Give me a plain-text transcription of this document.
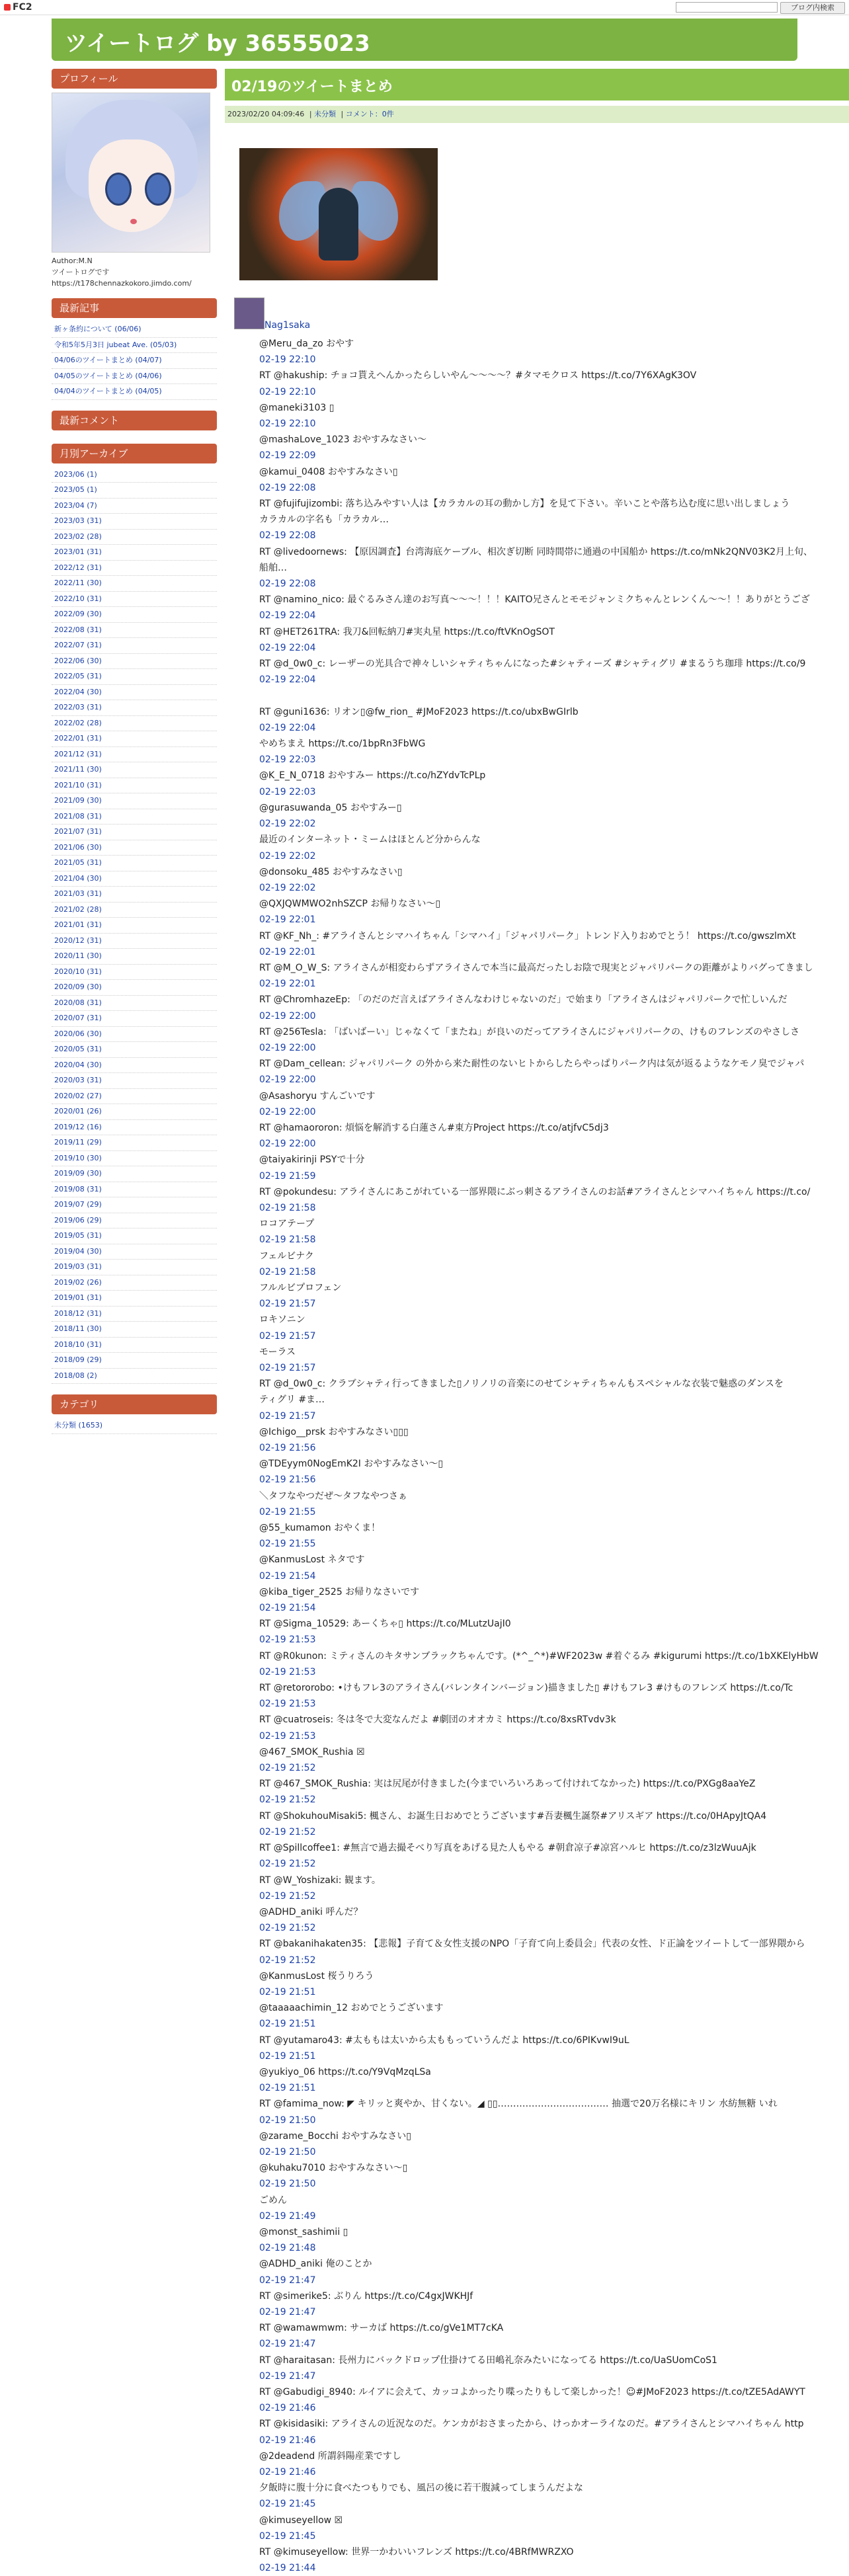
FC2	ブログ内検索
ツイートログ by 36555023
プロフィール
Author:M.N
ツイートログです
https://t178chennazkokoro.jimdo.com/
最新記事
新ヶ条約について (06/06)
令和5年5月3日 jubeat Ave. (05/03)
04/06のツイートまとめ (04/07)
04/05のツイートまとめ (04/06)
04/04のツイートまとめ (04/05)
最新コメント
月別アーカイブ
2023/06 (1)
2023/05 (1)
2023/04 (7)
2023/03 (31)
2023/02 (28)
2023/01 (31)
2022/12 (31)
2022/11 (30)
2022/10 (31)
2022/09 (30)
2022/08 (31)
2022/07 (31)
2022/06 (30)
2022/05 (31)
2022/04 (30)
2022/03 (31)
2022/02 (28)
2022/01 (31)
2021/12 (31)
2021/11 (30)
2021/10 (31)
2021/09 (30)
2021/08 (31)
2021/07 (31)
2021/06 (30)
2021/05 (31)
2021/04 (30)
2021/03 (31)
2021/02 (28)
2021/01 (31)
2020/12 (31)
2020/11 (30)
2020/10 (31)
2020/09 (30)
2020/08 (31)
2020/07 (31)
2020/06 (30)
2020/05 (31)
2020/04 (30)
2020/03 (31)
2020/02 (27)
2020/01 (26)
2019/12 (16)
2019/11 (29)
2019/10 (30)
2019/09 (30)
2019/08 (31)
2019/07 (29)
2019/06 (29)
2019/05 (31)
2019/04 (30)
2019/03 (31)
2019/02 (26)
2019/01 (31)
2018/12 (31)
2018/11 (30)
2018/10 (31)
2018/09 (29)
2018/08 (2)
カテゴリ
未分類 (1653)
02/19のツイートまとめ
2023/02/20 04:09:46 | 未分類 | コメント：0件
Nag1saka
@Meru_da_zo おやす
02-19 22:10
RT @hakuship: チョコ貰えへんかったらしいやん〜〜〜〜？#タマモクロス https://t.co/7Y6XAgK3OV
02-19 22:10
@maneki3103 ▯
02-19 22:10
@mashaLove_1023 おやすみなさい～
02-19 22:09
@kamui_0408 おやすみなさい▯
02-19 22:08
RT @fujifujizombi: 落ち込みやすい人は【カラカルの耳の動かし方】を見て下さい。辛いことや落ち込む度に思い出しましょう
カラカルの字名も「カラカル…
02-19 22:08
RT @livedoornews: 【原因調査】台湾海底ケーブル、相次ぎ切断 同時間帯に通過の中国船か https://t.co/mNk2QNV03K2月上旬、
船舶…
02-19 22:08
RT @namino_nico: 最ぐるみさん達のお写真〜〜〜！！！KAITO兄さんとモモジャンミクちゃんとレンくん〜〜！！ありがとうござ
02-19 22:04
RT @HET261TRA: 我刀&回転納刀#実丸星 https://t.co/ftVKnOgSOT
02-19 22:04
RT @d_0w0_c: レーザーの光具合で神々しいシャティちゃんになった#シャティーズ #シャティグリ #まるうち珈琲 https://t.co/9
02-19 22:04

RT @guni1636: リオン▯@fw_rion_ #JMoF2023 https://t.co/ubxBwGIrlb
02-19 22:04
やめちまえ https://t.co/1bpRn3FbWG
02-19 22:03
@K_E_N_0718 おやすみー https://t.co/hZYdvTcPLp
02-19 22:03
@gurasuwanda_05 おやすみー▯
02-19 22:02
最近のインターネット・ミームはほとんど分からんな
02-19 22:02
@donsoku_485 おやすみなさい▯
02-19 22:02
@QXJQWMWO2nhSZCP お帰りなさい～▯
02-19 22:01
RT @KF_Nh_: #アライさんとシマハイちゃん「シマハイ」「ジャパリパーク」トレンド入りおめでとう！ https://t.co/gwszlmXt
02-19 22:01
RT @M_O_W_S: アライさんが相変わらずアライさんで本当に最高だったしお陰で現実とジャパリパークの距離がよりバグってきまし
02-19 22:01
RT @ChromhazeEp: 「のだのだ言えばアライさんなわけじゃないのだ」で始まり「アライさんはジャパリパークで忙しいんだ
02-19 22:00
RT @256Tesla: 「ばいばーい」じゃなくて「またね」が良いのだってアライさんにジャパリパークの、けものフレンズのやさしさ
02-19 22:00
RT @Dam_cellean: ジャパリパーク の外から来た耐性のないヒトからしたらやっぱりパーク内は気が返るようなケモノ臭でジャパ
02-19 22:00
@Asashoryu すんごいです
02-19 22:00
RT @hamaororon: 煩悩を解消する白蓮さん#東方Project https://t.co/atjfvC5dj3
02-19 22:00
@taiyakirinji PSYで十分
02-19 21:59
RT @pokundesu: アライさんにあこがれている一部界隈にぶっ刺さるアライさんのお話#アライさんとシマハイちゃん https://t.co/
02-19 21:58
ロコアテープ
02-19 21:58
フェルビナク
02-19 21:58
フルルビプロフェン
02-19 21:57
ロキソニン
02-19 21:57
モーラス
02-19 21:57
RT @d_0w0_c: クラブシャティ行ってきました▯ノリノリの音楽にのせてシャティちゃんもスペシャルな衣装で魅惑のダンスを
ティグリ #ま…
02-19 21:57
@Ichigo__prsk おやすみなさい▯▯▯
02-19 21:56
@TDEyym0NogEmK2I おやすみなさい～▯
02-19 21:56
＼タフなやつだぜ〜タフなやつさぁ
02-19 21:55
@55_kumamon おやくま！
02-19 21:55
@KanmusLost ネタです
02-19 21:54
@kiba_tiger_2525 お帰りなさいです
02-19 21:54
RT @Sigma_10529: あーくちゃ▯ https://t.co/MLutzUajI0
02-19 21:53
RT @R0kunon: ミティさんのキタサンブラックちゃんです。(*^_^*)#WF2023w #着ぐるみ #kigurumi https://t.co/1bXKElyHbW
02-19 21:53
RT @retororobo: •けもフレ3のアライさん(バレンタインバージョン)描きました▯ #けもフレ3 #けものフレンズ https://t.co/Tc
02-19 21:53
RT @cuatroseis: 冬は冬で大変なんだよ #劇団のオオカミ https://t.co/8xsRTvdv3k
02-19 21:53
@467_SMOK_Rushia ☒
02-19 21:52
RT @467_SMOK_Rushia: 実は尻尾が付きました(今までいろいろあって付けれてなかった) https://t.co/PXGg8aaYeZ
02-19 21:52
RT @ShokuhouMisaki5: 楓さん、お誕生日おめでとうございます#吾妻楓生誕祭#アリスギア https://t.co/0HApyJtQA4
02-19 21:52
RT @Spillcoffee1: #無言で過去撮そべり写真をあげる見た人もやる #朝倉凉子#凉宮ハルヒ https://t.co/z3lzWuuAjk
02-19 21:52
RT @W_Yoshizaki: 観ます。
02-19 21:52
@ADHD_aniki 呼んだ？
02-19 21:52
RT @bakanihakaten35: 【悲報】子育て＆女性支援のNPO「子育て向上委員会」代表の女性、ド正論をツイートして一部界隈から
02-19 21:52
@KanmusLost 桜うりろう
02-19 21:51
@taaaaachimin_12 おめでとうございます
02-19 21:51
RT @yutamaro43: #太ももは太いから太ももっていうんだよ https://t.co/6PIKvwI9uL
02-19 21:51
@yukiyo_06 https://t.co/Y9VqMzqLSa
02-19 21:51
RT @famima_now: ◤ キリッと爽やか、甘くない。◢ ▯▯……………………………… 抽選で20万名様にキリン 水紡無糖 いれ
02-19 21:50
@zarame_Bocchi おやすみなさい▯
02-19 21:50
@kuhaku7010 おやすみなさい～▯
02-19 21:50
ごめん
02-19 21:49
@monst_sashimii ▯
02-19 21:48
@ADHD_aniki 俺のことか
02-19 21:47
RT @simerike5: ぶりん https://t.co/C4gxJWKHJf
02-19 21:47
RT @wamawmwm: サーカば https://t.co/gVe1MT7cKA
02-19 21:47
RT @haraitasan: 長州力にバックドロップ仕掛けてる田嶋礼奈みたいになってる https://t.co/UaSUomCoS1
02-19 21:47
RT @Gabudigi_8940: ルイアに会えて、カッコよかったり喋ったりもして楽しかった！☺#JMoF2023 https://t.co/tZE5AdAWYT
02-19 21:46
RT @kisidasiki: アライさんの近況なのだ。ケンカがおさまったから、けっかオーライなのだ。#アライさんとシマハイちゃん http
02-19 21:46
@2deadend 所謂斜陽産業ですし
02-19 21:46
夕飯時に腹十分に食べたつもりでも、風呂の後に若干腹減ってしまうんだよな
02-19 21:45
@kimuseyellow ☒
02-19 21:45
RT @kimuseyellow: 世界一かわいいフレンズ https://t.co/4BRfMWRZXO
02-19 21:44
